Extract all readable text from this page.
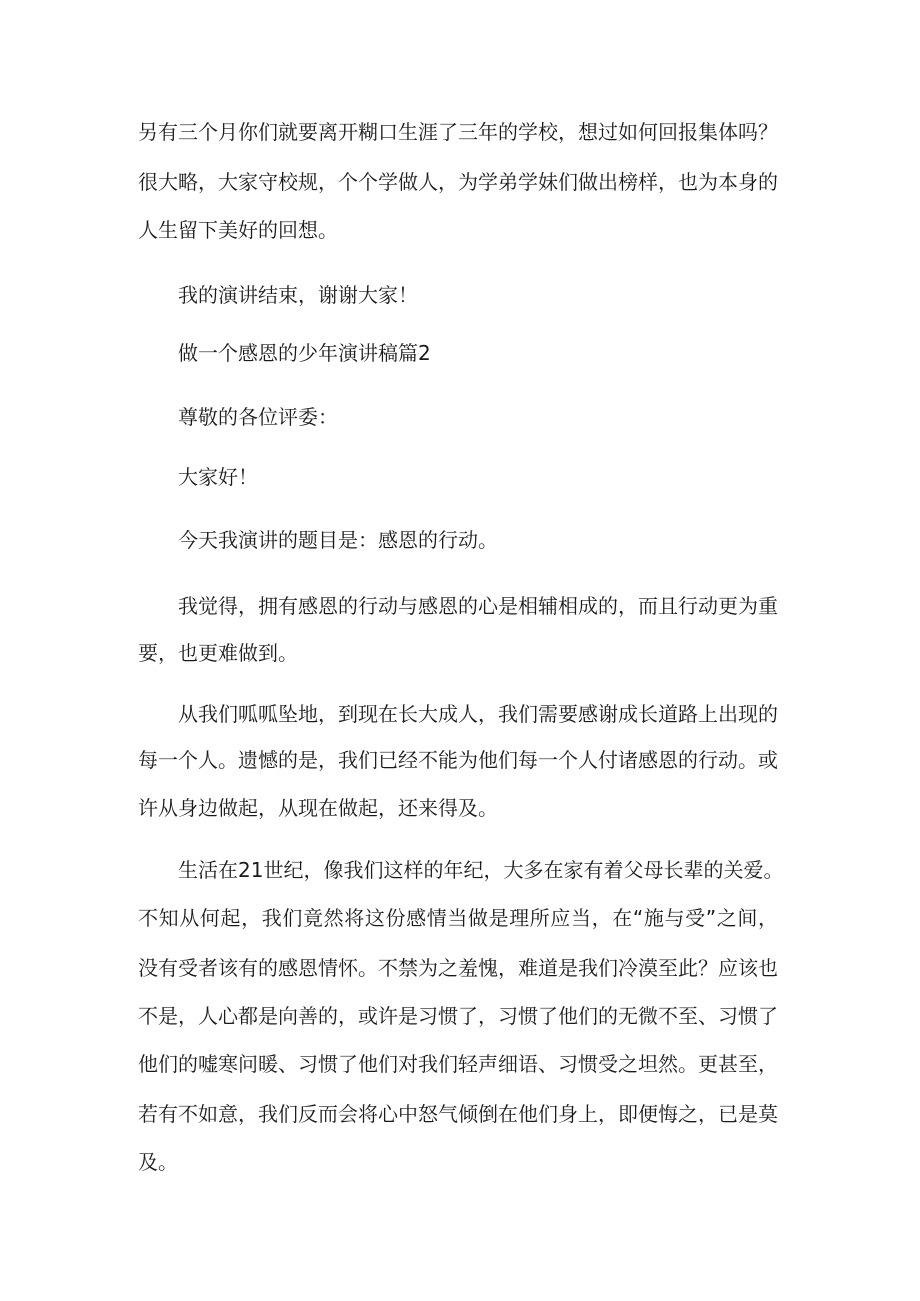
另有三个月你们就要离开糊口生涯了三年的学校，想过如何回报集体吗？
很大略，大家守校规，个个学做人，为学弟学妹们做出榜样，也为本身的
人生留下美好的回想。
我的演讲结束，谢谢大家！
做一个感恩的少年演讲稿篇2
尊敬的各位评委：
大家好！
今天我演讲的题目是：感恩的行动。
我觉得，拥有感恩的行动与感恩的心是相辅相成的，而且行动更为重
要，也更难做到。
从我们呱呱坠地，到现在长大成人，我们需要感谢成长道路上出现的
每一个人。遗憾的是，我们已经不能为他们每一个人付诸感恩的行动。或
许从身边做起，从现在做起，还来得及。
生活在21世纪，像我们这样的年纪，大多在家有着父母长辈的关爱。
不知从何起，我们竟然将这份感情当做是理所应当，在“施与受”之间，
没有受者该有的感恩情怀。不禁为之羞愧，难道是我们冷漠至此？应该也
不是，人心都是向善的，或许是习惯了，习惯了他们的无微不至、习惯了
他们的嘘寒问暖、习惯了他们对我们轻声细语、习惯受之坦然。更甚至，
若有不如意，我们反而会将心中怒气倾倒在他们身上，即便悔之，已是莫
及。
